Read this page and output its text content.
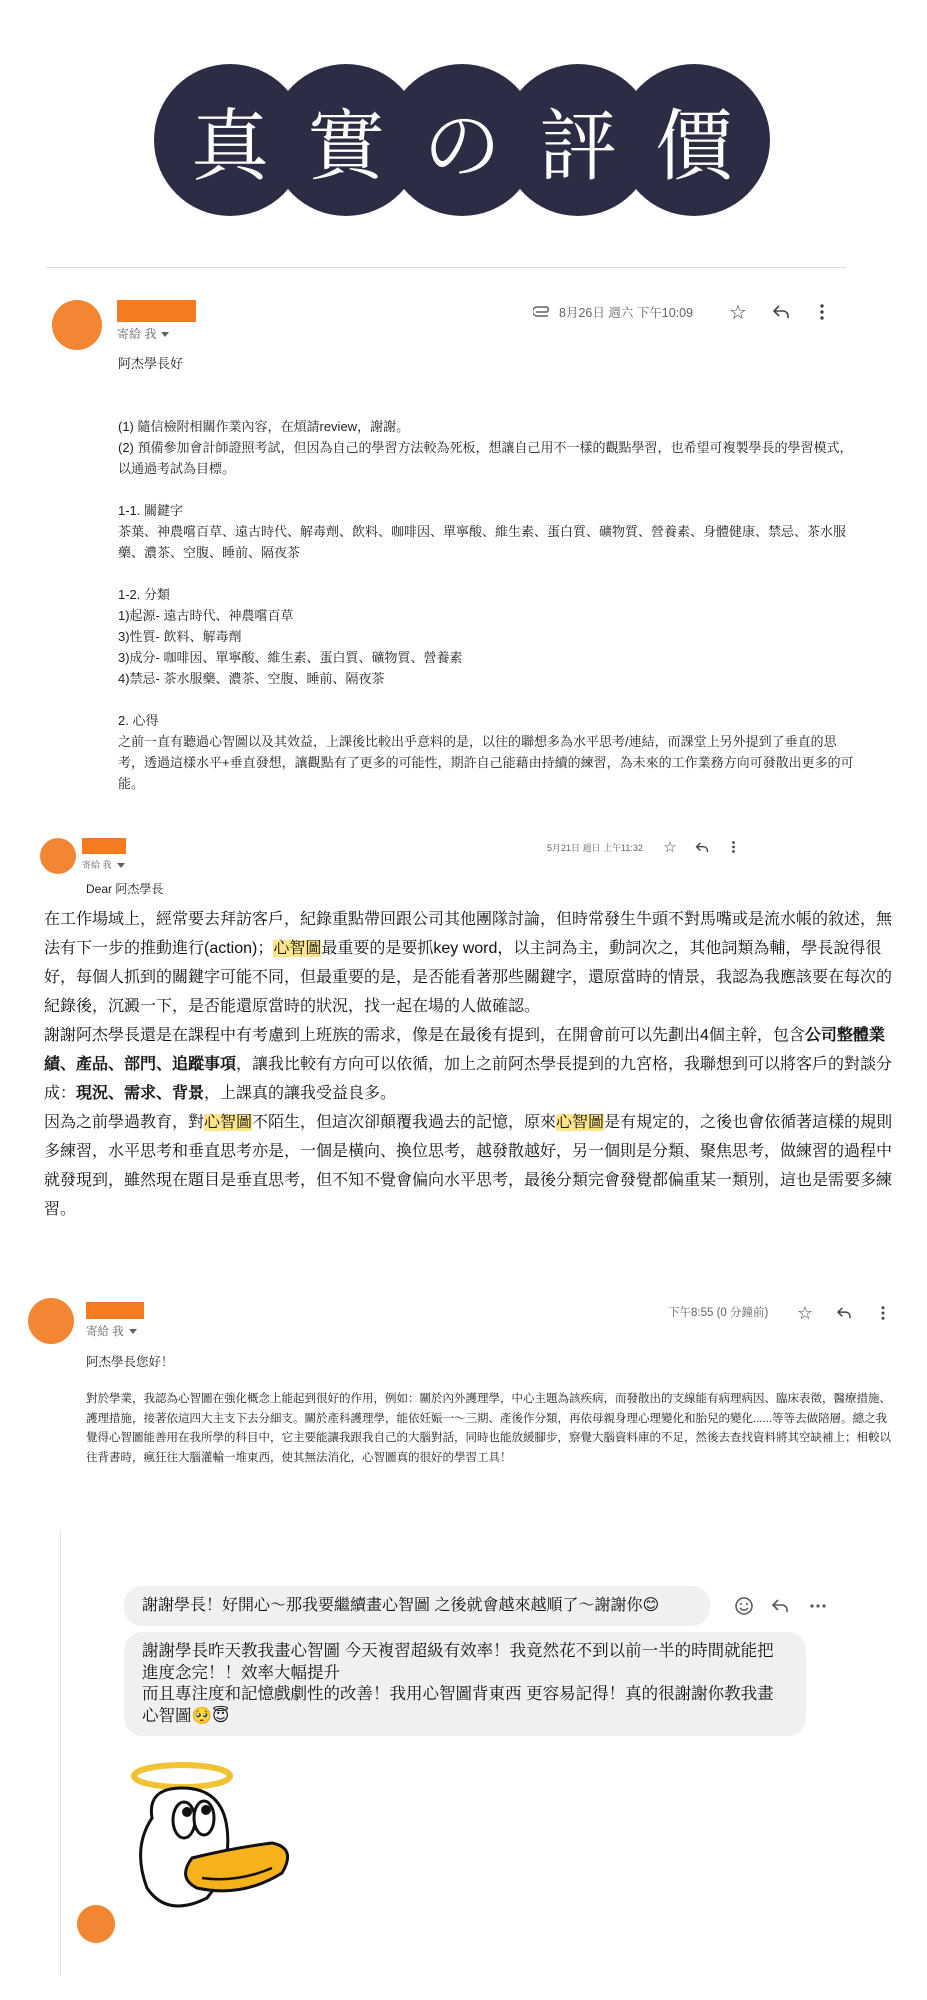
真 實 の 評 價
寄給 我
8月26日 週六 下午10:09 ☆

阿杰學長好

(1) 隨信檢附相關作業內容，在煩請review，謝謝。

(2) 預備參加會計師證照考試，但因為自己的學習方法較為死板，想讓自己用不一樣的觀點學習，也希望可複製學長的學習模式，以通過考試為目標。

1-1. 關鍵字

茶葉、神農嚐百草、遠古時代、解毒劑、飲料、咖啡因、單寧酸、維生素、蛋白質、礦物質、營養素、身體健康、禁忌、茶水服藥、濃茶、空腹、睡前、隔夜茶

1-2. 分類

1)起源- 遠古時代、神農嚐百草

3)性質- 飲料、解毒劑

3)成分- 咖啡因、單寧酸、維生素、蛋白質、礦物質、營養素

4)禁忌- 茶水服藥、濃茶、空腹、睡前、隔夜茶

2. 心得

之前一直有聽過心智圖以及其效益，上課後比較出乎意料的是，以往的聯想多為水平思考/連結，而課堂上另外提到了垂直的思考，透過這樣水平+垂直發想，讓觀點有了更多的可能性，期許自己能藉由持續的練習，為未來的工作業務方向可發散出更多的可能。

寄給 我
5月21日 週日 上午11:32 ☆
Dear 阿杰學長

在工作場域上，經常要去拜訪客戶，紀錄重點帶回跟公司其他團隊討論，但時常發生牛頭不對馬嘴或是流水帳的敘述，無法有下一步的推動進行(action)；心智圖最重要的是要抓key word，以主詞為主，動詞次之，其他詞類為輔，學長說得很好，每個人抓到的關鍵字可能不同，但最重要的是，是否能看著那些關鍵字，還原當時的情景，我認為我應該要在每次的紀錄後，沉澱一下，是否能還原當時的狀況，找一起在場的人做確認。

謝謝阿杰學長還是在課程中有考慮到上班族的需求，像是在最後有提到，在開會前可以先劃出4個主幹，包含公司整體業績、產品、部門、追蹤事項，讓我比較有方向可以依循，加上之前阿杰學長提到的九宮格，我聯想到可以將客戶的對談分成：現況、需求、背景，上課真的讓我受益良多。

因為之前學過教育，對心智圖不陌生，但這次卻顛覆我過去的記憶，原來心智圖是有規定的，之後也會依循著這樣的規則多練習，水平思考和垂直思考亦是，一個是橫向、換位思考，越發散越好，另一個則是分類、聚焦思考，做練習的過程中就發現到，雖然現在題目是垂直思考，但不知不覺會偏向水平思考，最後分類完會發覺都偏重某一類別，這也是需要多練習。

寄給 我
下午8:55 (0 分鐘前) ☆
阿杰學長您好！
對於學業，我認為心智圖在強化概念上能起到很好的作用，例如：關於內外護理學，中心主題為該疾病，而發散出的支線能有病理病因、臨床表徵，醫療措施、護理措施，接著依這四大主支下去分細支。關於產科護理學，能依妊娠一～三期、產後作分類，再依母親身理心理變化和胎兒的變化......等等去做陪層。總之我覺得心智圖能善用在我所學的科目中，它主要能讓我跟我自己的大腦對話，同時也能放緩腳步，察覺大腦資料庫的不足，然後去查找資料將其空缺補上；相較以往背書時，瘋狂往大腦灌輸一堆東西，使其無法消化，心智圖真的很好的學習工具！
謝謝學長！好開心～那我要繼續畫心智圖 之後就會越來越順了～謝謝你😊
謝謝學長昨天教我畫心智圖 今天複習超級有效率！我竟然花不到以前一半的時間就能把進度念完！！效率大幅提升
而且專注度和記憶戲劇性的改善！我用心智圖背東西 更容易記得！真的很謝謝你教我畫心智圖🥺😇
